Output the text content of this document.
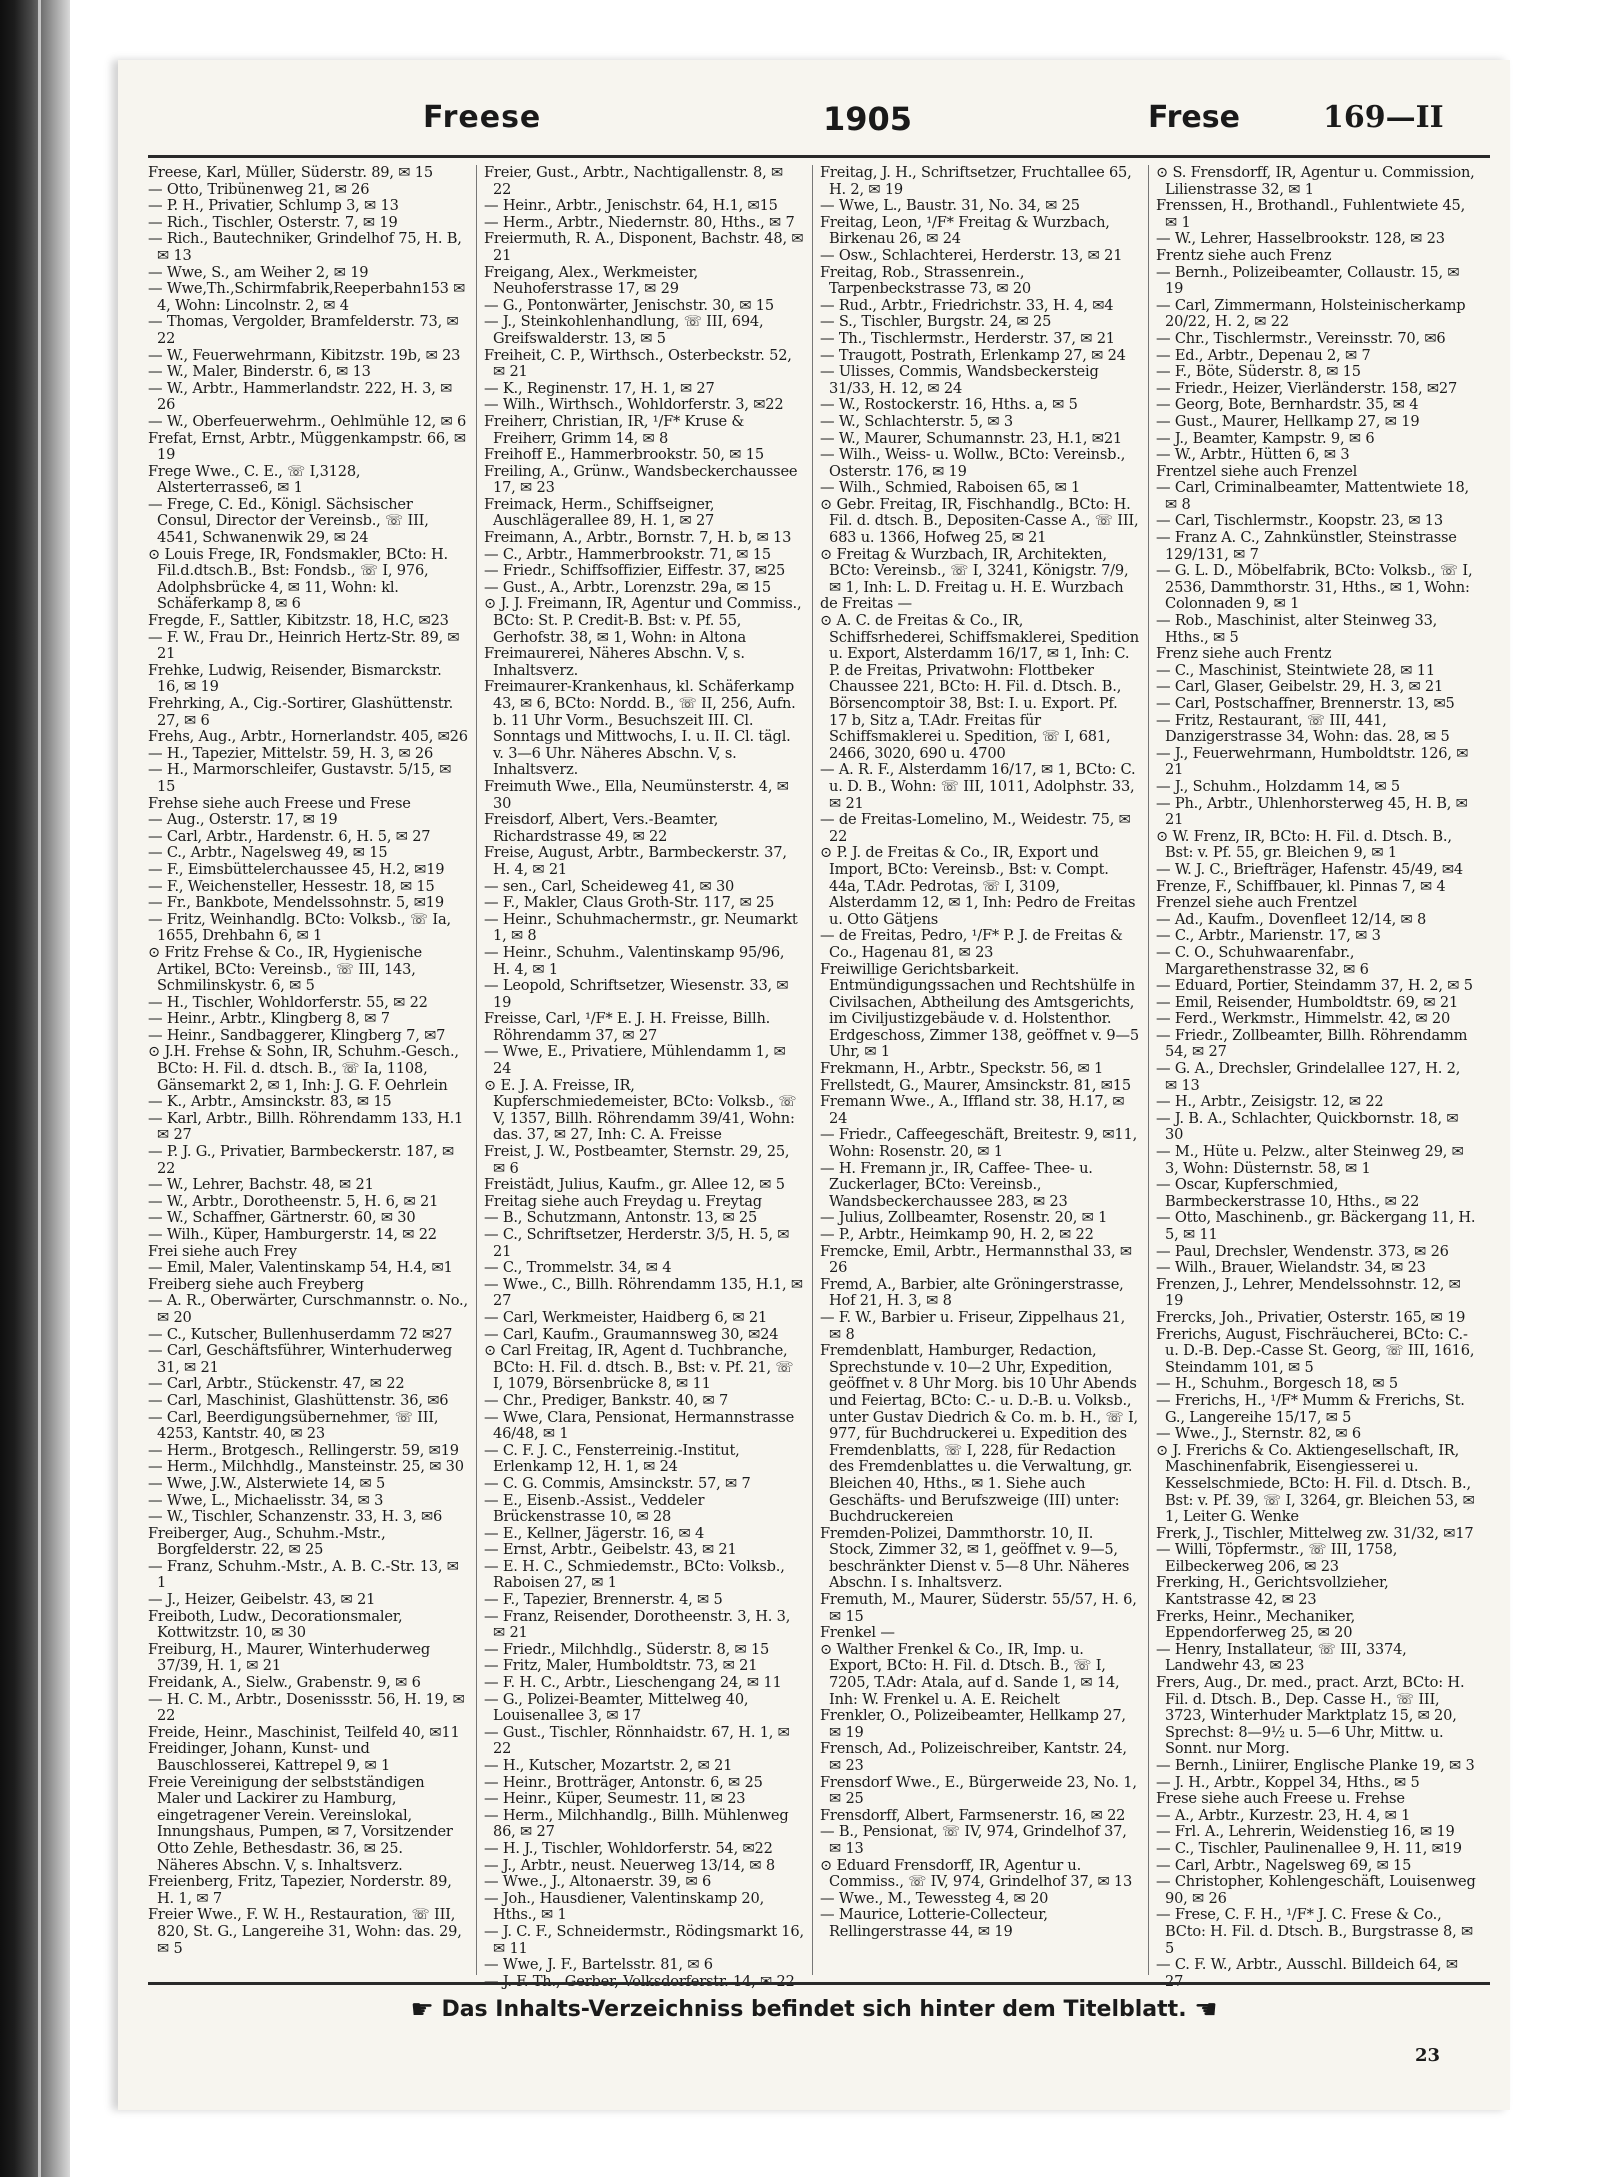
Freese	1905	Frese	169—II
Freese, Karl, Müller, Süderstr. 89, ✉ 15
— Otto, Tribünenweg 21, ✉ 26
— P. H., Privatier, Schlump 3, ✉ 13
— Rich., Tischler, Osterstr. 7, ✉ 19
— Rich., Bautechniker, Grindelhof 75, H. B, ✉ 13
— Wwe, S., am Weiher 2, ✉ 19
— Wwe,Th.,Schirmfabrik,Reeperbahn153 ✉ 4, Wohn: Lincolnstr. 2, ✉ 4
— Thomas, Vergolder, Bramfelderstr. 73, ✉ 22
— W., Feuerwehrmann, Kibitzstr. 19b, ✉ 23
— W., Maler, Binderstr. 6, ✉ 13
— W., Arbtr., Hammerlandstr. 222, H. 3, ✉ 26
— W., Oberfeuerwehrm., Oehlmühle 12, ✉ 6
Frefat, Ernst, Arbtr., Müggenkampstr. 66, ✉ 19
Frege Wwe., C. E., ☏ I,3128, Alsterterrasse6, ✉ 1
— Frege, C. Ed., Königl. Sächsischer Consul, Director der Vereinsb., ☏ III, 4541, Schwanenwik 29, ✉ 24
⊙ Louis Frege, IR, Fondsmakler, BCto: H. Fil.d.dtsch.B., Bst: Fondsb., ☏ I, 976, Adolphsbrücke 4, ✉ 11, Wohn: kl. Schäferkamp 8, ✉ 6
Fregde, F., Sattler, Kibitzstr. 18, H.C, ✉23
— F. W., Frau Dr., Heinrich Hertz-Str. 89, ✉ 21
Frehke, Ludwig, Reisender, Bismarckstr. 16, ✉ 19
Frehrking, A., Cig.-Sortirer, Glashüttenstr. 27, ✉ 6
Frehs, Aug., Arbtr., Hornerlandstr. 405, ✉26
— H., Tapezier, Mittelstr. 59, H. 3, ✉ 26
— H., Marmorschleifer, Gustavstr. 5/15, ✉ 15
Frehse siehe auch Freese und Frese
— Aug., Osterstr. 17, ✉ 19
— Carl, Arbtr., Hardenstr. 6, H. 5, ✉ 27
— C., Arbtr., Nagelsweg 49, ✉ 15
— F., Eimsbüttelerchaussee 45, H.2, ✉19
— F., Weichensteller, Hessestr. 18, ✉ 15
— Fr., Bankbote, Mendelssohnstr. 5, ✉19
— Fritz, Weinhandlg. BCto: Volksb., ☏ Ia, 1655, Drehbahn 6, ✉ 1
⊙ Fritz Frehse & Co., IR, Hygienische Artikel, BCto: Vereinsb., ☏ III, 143, Schmilinskystr. 6, ✉ 5
— H., Tischler, Wohldorferstr. 55, ✉ 22
— Heinr., Arbtr., Klingberg 8, ✉ 7
— Heinr., Sandbaggerer, Klingberg 7, ✉7
⊙ J.H. Frehse & Sohn, IR, Schuhm.-Gesch., BCto: H. Fil. d. dtsch. B., ☏ Ia, 1108, Gänsemarkt 2, ✉ 1, Inh: J. G. F. Oehrlein
— K., Arbtr., Amsinckstr. 83, ✉ 15
— Karl, Arbtr., Billh. Röhrendamm 133, H.1 ✉ 27
— P. J. G., Privatier, Barmbeckerstr. 187, ✉ 22
— W., Lehrer, Bachstr. 48, ✉ 21
— W., Arbtr., Dorotheenstr. 5, H. 6, ✉ 21
— W., Schaffner, Gärtnerstr. 60, ✉ 30
— Wilh., Küper, Hamburgerstr. 14, ✉ 22
Frei siehe auch Frey
— Emil, Maler, Valentinskamp 54, H.4, ✉1
Freiberg siehe auch Freyberg
— A. R., Oberwärter, Curschmannstr. o. No., ✉ 20
— C., Kutscher, Bullenhuserdamm 72 ✉27
— Carl, Geschäftsführer, Winterhuderweg 31, ✉ 21
— Carl, Arbtr., Stückenstr. 47, ✉ 22
— Carl, Maschinist, Glashüttenstr. 36, ✉6
— Carl, Beerdigungsübernehmer, ☏ III, 4253, Kantstr. 40, ✉ 23
— Herm., Brotgesch., Rellingerstr. 59, ✉19
— Herm., Milchhdlg., Mansteinstr. 25, ✉ 30
— Wwe, J.W., Alsterwiete 14, ✉ 5
— Wwe, L., Michaelisstr. 34, ✉ 3
— W., Tischler, Schanzenstr. 33, H. 3, ✉6
Freiberger, Aug., Schuhm.-Mstr., Borgfelderstr. 22, ✉ 25
— Franz, Schuhm.-Mstr., A. B. C.-Str. 13, ✉ 1
— J., Heizer, Geibelstr. 43, ✉ 21
Freiboth, Ludw., Decorationsmaler, Kottwitzstr. 10, ✉ 30
Freiburg, H., Maurer, Winterhuderweg 37/39, H. 1, ✉ 21
Freidank, A., Sielw., Grabenstr. 9, ✉ 6
— H. C. M., Arbtr., Dosenissstr. 56, H. 19, ✉ 22
Freide, Heinr., Maschinist, Teilfeld 40, ✉11
Freidinger, Johann, Kunst- und Bauschlosserei, Kattrepel 9, ✉ 1
Freie Vereinigung der selbstständigen Maler und Lackirer zu Hamburg, eingetragener Verein. Vereinslokal, Innungshaus, Pumpen, ✉ 7, Vorsitzender Otto Zehle, Bethesdastr. 36, ✉ 25. Näheres Abschn. V, s. Inhaltsverz.
Freienberg, Fritz, Tapezier, Norderstr. 89, H. 1, ✉ 7
Freier Wwe., F. W. H., Restauration, ☏ III, 820, St. G., Langereihe 31, Wohn: das. 29, ✉ 5
Freier, Gust., Arbtr., Nachtigallenstr. 8, ✉ 22
— Heinr., Arbtr., Jenischstr. 64, H.1, ✉15
— Herm., Arbtr., Niedernstr. 80, Hths., ✉ 7
Freiermuth, R. A., Disponent, Bachstr. 48, ✉ 21
Freigang, Alex., Werkmeister, Neuhoferstrasse 17, ✉ 29
— G., Pontonwärter, Jenischstr. 30, ✉ 15
— J., Steinkohlenhandlung, ☏ III, 694, Greifswalderstr. 13, ✉ 5
Freiheit, C. P., Wirthsch., Osterbeckstr. 52, ✉ 21
— K., Reginenstr. 17, H. 1, ✉ 27
— Wilh., Wirthsch., Wohldorferstr. 3, ✉22
Freiherr, Christian, IR, ¹/F* Kruse & Freiherr, Grimm 14, ✉ 8
Freihoff E., Hammerbrookstr. 50, ✉ 15
Freiling, A., Grünw., Wandsbeckerchaussee 17, ✉ 23
Freimack, Herm., Schiffseigner, Auschlägerallee 89, H. 1, ✉ 27
Freimann, A., Arbtr., Bornstr. 7, H. b, ✉ 13
— C., Arbtr., Hammerbrookstr. 71, ✉ 15
— Friedr., Schiffsoffizier, Eiffestr. 37, ✉25
— Gust., A., Arbtr., Lorenzstr. 29a, ✉ 15
⊙ J. J. Freimann, IR, Agentur und Commiss., BCto: St. P. Credit-B. Bst: v. Pf. 55, Gerhofstr. 38, ✉ 1, Wohn: in Altona
Freimaurerei, Näheres Abschn. V, s. Inhaltsverz.
Freimaurer-Krankenhaus, kl. Schäferkamp 43, ✉ 6, BCto: Nordd. B., ☏ II, 256, Aufn. b. 11 Uhr Vorm., Besuchszeit III. Cl. Sonntags und Mittwochs, I. u. II. Cl. tägl. v. 3—6 Uhr. Näheres Abschn. V, s. Inhaltsverz.
Freimuth Wwe., Ella, Neumünsterstr. 4, ✉30
Freisdorf, Albert, Vers.-Beamter, Richardstrasse 49, ✉ 22
Freise, August, Arbtr., Barmbeckerstr. 37, H. 4, ✉ 21
— sen., Carl, Scheideweg 41, ✉ 30
— F., Makler, Claus Groth-Str. 117, ✉ 25
— Heinr., Schuhmachermstr., gr. Neumarkt 1, ✉ 8
— Heinr., Schuhm., Valentinskamp 95/96, H. 4, ✉ 1
— Leopold, Schriftsetzer, Wiesenstr. 33, ✉ 19
Freisse, Carl, ¹/F* E. J. H. Freisse, Billh. Röhrendamm 37, ✉ 27
— Wwe, E., Privatiere, Mühlendamm 1, ✉ 24
⊙ E. J. A. Freisse, IR, Kupferschmiedemeister, BCto: Volksb., ☏ V, 1357, Billh. Röhrendamm 39/41, Wohn: das. 37, ✉ 27, Inh: C. A. Freisse
Freist, J. W., Postbeamter, Sternstr. 29, 25, ✉ 6
Freistädt, Julius, Kaufm., gr. Allee 12, ✉ 5
Freitag siehe auch Freydag u. Freytag
— B., Schutzmann, Antonstr. 13, ✉ 25
— C., Schriftsetzer, Herderstr. 3/5, H. 5, ✉ 21
— C., Trommelstr. 34, ✉ 4
— Wwe., C., Billh. Röhrendamm 135, H.1, ✉ 27
— Carl, Werkmeister, Haidberg 6, ✉ 21
— Carl, Kaufm., Graumannsweg 30, ✉24
⊙ Carl Freitag, IR, Agent d. Tuchbranche, BCto: H. Fil. d. dtsch. B., Bst: v. Pf. 21, ☏ I, 1079, Börsenbrücke 8, ✉ 11
— Chr., Prediger, Bankstr. 40, ✉ 7
— Wwe, Clara, Pensionat, Hermannstrasse 46/48, ✉ 1
— C. F. J. C., Fensterreinig.-Institut, Erlenkamp 12, H. 1, ✉ 24
— C. G. Commis, Amsinckstr. 57, ✉ 7
— E., Eisenb.-Assist., Veddeler Brückenstrasse 10, ✉ 28
— E., Kellner, Jägerstr. 16, ✉ 4
— Ernst, Arbtr., Geibelstr. 43, ✉ 21
— E. H. C., Schmiedemstr., BCto: Volksb., Raboisen 27, ✉ 1
— F., Tapezier, Brennerstr. 4, ✉ 5
— Franz, Reisender, Dorotheenstr. 3, H. 3, ✉ 21
— Friedr., Milchhdlg., Süderstr. 8, ✉ 15
— Fritz, Maler, Humboldtstr. 73, ✉ 21
— F. H. C., Arbtr., Lieschengang 24, ✉ 11
— G., Polizei-Beamter, Mittelweg 40, Louisenallee 3, ✉ 17
— Gust., Tischler, Rönnhaidstr. 67, H. 1, ✉ 22
— H., Kutscher, Mozartstr. 2, ✉ 21
— Heinr., Brotträger, Antonstr. 6, ✉ 25
— Heinr., Küper, Seumestr. 11, ✉ 23
— Herm., Milchhandlg., Billh. Mühlenweg 86, ✉ 27
— H. J., Tischler, Wohldorferstr. 54, ✉22
— J., Arbtr., neust. Neuerweg 13/14, ✉ 8
— Wwe., J., Altonaerstr. 39, ✉ 6
— Joh., Hausdiener, Valentinskamp 20, Hths., ✉ 1
— J. C. F., Schneidermstr., Rödingsmarkt 16, ✉ 11
— Wwe, J. F., Bartelsstr. 81, ✉ 6
Freitag, J. H., Schriftsetzer, Fruchtallee 65, H. 2, ✉ 19
— Wwe, L., Baustr. 31, No. 34, ✉ 25
Freitag, Leon, ¹/F* Freitag & Wurzbach, Birkenau 26, ✉ 24
— Osw., Schlachterei, Herderstr. 13, ✉ 21
Freitag, Rob., Strassenrein., Tarpenbeckstrasse 73, ✉ 20
— Rud., Arbtr., Friedrichstr. 33, H. 4, ✉4
— S., Tischler, Burgstr. 24, ✉ 25
— Th., Tischlermstr., Herderstr. 37, ✉ 21
— Traugott, Postrath, Erlenkamp 27, ✉ 24
— Ulisses, Commis, Wandsbeckersteig 31/33, H. 12, ✉ 24
— W., Rostockerstr. 16, Hths. a, ✉ 5
— W., Schlachterstr. 5, ✉ 3
— W., Maurer, Schumannstr. 23, H.1, ✉21
— Wilh., Weiss- u. Wollw., BCto: Vereinsb., Osterstr. 176, ✉ 19
— Wilh., Schmied, Raboisen 65, ✉ 1
⊙ Gebr. Freitag, IR, Fischhandlg., BCto: H. Fil. d. dtsch. B., Depositen-Casse A., ☏ III, 683 u. 1366, Hofweg 25, ✉ 21
⊙ Freitag & Wurzbach, IR, Architekten, BCto: Vereinsb., ☏ I, 3241, Königstr. 7/9, ✉ 1, Inh: L. D. Freitag u. H. E. Wurzbach
de Freitas —
⊙ A. C. de Freitas & Co., IR, Schiffsrhederei, Schiffsmaklerei, Spedition u. Export, Alsterdamm 16/17, ✉ 1, Inh: C. P. de Freitas, Privatwohn: Flottbeker Chaussee 221, BCto: H. Fil. d. Dtsch. B., Börsencomptoir 38, Bst: I. u. Export. Pf. 17 b, Sitz a, T.Adr. Freitas für Schiffsmaklerei u. Spedition, ☏ I, 681, 2466, 3020, 690 u. 4700
— A. R. F., Alsterdamm 16/17, ✉ 1, BCto: C. u. D. B., Wohn: ☏ III, 1011, Adolphstr. 33, ✉ 21
— de Freitas-Lomelino, M., Weidestr. 75, ✉ 22
⊙ P. J. de Freitas & Co., IR, Export und Import, BCto: Vereinsb., Bst: v. Compt. 44a, T.Adr. Pedrotas, ☏ I, 3109, Alsterdamm 12, ✉ 1, Inh: Pedro de Freitas u. Otto Gätjens
— de Freitas, Pedro, ¹/F* P. J. de Freitas & Co., Hagenau 81, ✉ 23
Freiwillige Gerichtsbarkeit. Entmündigungssachen und Rechtshülfe in Civilsachen, Abtheilung des Amtsgerichts, im Civiljustizgebäude v. d. Holstenthor. Erdgeschoss, Zimmer 138, geöffnet v. 9—5 Uhr, ✉ 1
Frekmann, H., Arbtr., Speckstr. 56, ✉ 1
Frellstedt, G., Maurer, Amsinckstr. 81, ✉15
Fremann Wwe., A., Iffland str. 38, H.17, ✉24
— Friedr., Caffeegeschäft, Breitestr. 9, ✉11, Wohn: Rosenstr. 20, ✉ 1
— H. Fremann jr., IR, Caffee- Thee- u. Zuckerlager, BCto: Vereinsb., Wandsbeckerchaussee 283, ✉ 23
— Julius, Zollbeamter, Rosenstr. 20, ✉ 1
— P., Arbtr., Heimkamp 90, H. 2, ✉ 22
Fremcke, Emil, Arbtr., Hermannsthal 33, ✉ 26
Fremd, A., Barbier, alte Gröningerstrasse, Hof 21, H. 3, ✉ 8
— F. W., Barbier u. Friseur, Zippelhaus 21, ✉ 8
Fremdenblatt, Hamburger, Redaction, Sprechstunde v. 10—2 Uhr, Expedition, geöffnet v. 8 Uhr Morg. bis 10 Uhr Abends und Feiertag, BCto: C.- u. D.-B. u. Volksb., unter Gustav Diedrich & Co. m. b. H., ☏ I, 977, für Buchdruckerei u. Expedition des Fremdenblatts, ☏ I, 228, für Redaction des Fremdenblattes u. die Verwaltung, gr. Bleichen 40, Hths., ✉ 1. Siehe auch Geschäfts- und Berufszweige (III) unter: Buchdruckereien
Fremden-Polizei, Dammthorstr. 10, II. Stock, Zimmer 32, ✉ 1, geöffnet v. 9—5, beschränkter Dienst v. 5—8 Uhr. Näheres Abschn. I s. Inhaltsverz.
Fremuth, M., Maurer, Süderstr. 55/57, H. 6, ✉ 15
Frenkel —
⊙ Walther Frenkel & Co., IR, Imp. u. Export, BCto: H. Fil. d. Dtsch. B., ☏ I, 7205, T.Adr: Atala, auf d. Sande 1, ✉ 14, Inh: W. Frenkel u. A. E. Reichelt
Frenkler, O., Polizeibeamter, Hellkamp 27, ✉ 19
Frensch, Ad., Polizeischreiber, Kantstr. 24, ✉ 23
Frensdorf Wwe., E., Bürgerweide 23, No. 1, ✉ 25
Frensdorff, Albert, Farmsenerstr. 16, ✉ 22
— B., Pensionat, ☏ IV, 974, Grindelhof 37, ✉ 13
⊙ Eduard Frensdorff, IR, Agentur u. Commiss., ☏ IV, 974, Grindelhof 37, ✉ 13
— Wwe., M., Tewessteg 4, ✉ 20
— Maurice, Lotterie-Collecteur, Rellingerstrasse 44, ✉ 19
⊙ S. Frensdorff, IR, Agentur u. Commission, Lilienstrasse 32, ✉ 1
Frenssen, H., Brothandl., Fuhlentwiete 45, ✉ 1
— W., Lehrer, Hasselbrookstr. 128, ✉ 23
Frentz siehe auch Frenz
— Bernh., Polizeibeamter, Collaustr. 15, ✉ 19
— Carl, Zimmermann, Holsteinischerkamp 20/22, H. 2, ✉ 22
— Chr., Tischlermstr., Vereinsstr. 70, ✉6
— Ed., Arbtr., Depenau 2, ✉ 7
— F., Böte, Süderstr. 8, ✉ 15
— Friedr., Heizer, Vierländerstr. 158, ✉27
— Georg, Bote, Bernhardstr. 35, ✉ 4
— Gust., Maurer, Hellkamp 27, ✉ 19
— J., Beamter, Kampstr. 9, ✉ 6
— W., Arbtr., Hütten 6, ✉ 3
Frentzel siehe auch Frenzel
— Carl, Criminalbeamter, Mattentwiete 18, ✉ 8
— Carl, Tischlermstr., Koopstr. 23, ✉ 13
— Franz A. C., Zahnkünstler, Steinstrasse 129/131, ✉ 7
— G. L. D., Möbelfabrik, BCto: Volksb., ☏ I, 2536, Dammthorstr. 31, Hths., ✉ 1, Wohn: Colonnaden 9, ✉ 1
— Rob., Maschinist, alter Steinweg 33, Hths., ✉ 5
Frenz siehe auch Frentz
— C., Maschinist, Steintwiete 28, ✉ 11
— Carl, Glaser, Geibelstr. 29, H. 3, ✉ 21
— Carl, Postschaffner, Brennerstr. 13, ✉5
— Fritz, Restaurant, ☏ III, 441, Danzigerstrasse 34, Wohn: das. 28, ✉ 5
— J., Feuerwehrmann, Humboldtstr. 126, ✉ 21
— J., Schuhm., Holzdamm 14, ✉ 5
— Ph., Arbtr., Uhlenhorsterweg 45, H. B, ✉ 21
⊙ W. Frenz, IR, BCto: H. Fil. d. Dtsch. B., Bst: v. Pf. 55, gr. Bleichen 9, ✉ 1
— W. J. C., Briefträger, Hafenstr. 45/49, ✉4
Frenze, F., Schiffbauer, kl. Pinnas 7, ✉ 4
Frenzel siehe auch Frentzel
— Ad., Kaufm., Dovenfleet 12/14, ✉ 8
— C., Arbtr., Marienstr. 17, ✉ 3
— C. O., Schuhwaarenfabr., Margarethenstrasse 32, ✉ 6
— Eduard, Portier, Steindamm 37, H. 2, ✉ 5
— Emil, Reisender, Humboldtstr. 69, ✉ 21
— Ferd., Werkmstr., Himmelstr. 42, ✉ 20
— Friedr., Zollbeamter, Billh. Röhrendamm 54, ✉ 27
— G. A., Drechsler, Grindelallee 127, H. 2, ✉ 13
— H., Arbtr., Zeisigstr. 12, ✉ 22
— J. B. A., Schlachter, Quickbornstr. 18, ✉ 30
— M., Hüte u. Pelzw., alter Steinweg 29, ✉ 3, Wohn: Düsternstr. 58, ✉ 1
— Oscar, Kupferschmied, Barmbeckerstrasse 10, Hths., ✉ 22
— Otto, Maschinenb., gr. Bäckergang 11, H. 5, ✉ 11
— Paul, Drechsler, Wendenstr. 373, ✉ 26
— Wilh., Brauer, Wielandstr. 34, ✉ 23
Frenzen, J., Lehrer, Mendelssohnstr. 12, ✉ 19
Frercks, Joh., Privatier, Osterstr. 165, ✉ 19
Frerichs, August, Fischräucherei, BCto: C.- u. D.-B. Dep.-Casse St. Georg, ☏ III, 1616, Steindamm 101, ✉ 5
— H., Schuhm., Borgesch 18, ✉ 5
— Frerichs, H., ¹/F* Mumm & Frerichs, St. G., Langereihe 15/17, ✉ 5
— Wwe., J., Sternstr. 82, ✉ 6
⊙ J. Frerichs & Co. Aktiengesellschaft, IR, Maschinenfabrik, Eisengiesserei u. Kesselschmiede, BCto: H. Fil. d. Dtsch. B., Bst: v. Pf. 39, ☏ I, 3264, gr. Bleichen 53, ✉ 1, Leiter G. Wenke
Frerk, J., Tischler, Mittelweg zw. 31/32, ✉17
— Willi, Töpfermstr., ☏ III, 1758, Eilbeckerweg 206, ✉ 23
Frerking, H., Gerichtsvollzieher, Kantstrasse 42, ✉ 23
Frerks, Heinr., Mechaniker, Eppendorferweg 25, ✉ 20
— Henry, Installateur, ☏ III, 3374, Landwehr 43, ✉ 23
Frers, Aug., Dr. med., pract. Arzt, BCto: H. Fil. d. Dtsch. B., Dep. Casse H., ☏ III, 3723, Winterhuder Marktplatz 15, ✉ 20, Sprechst: 8—9½ u. 5—6 Uhr, Mittw. u. Sonnt. nur Morg.
— Bernh., Liniirer, Englische Planke 19, ✉ 3
— J. H., Arbtr., Koppel 34, Hths., ✉ 5
Frese siehe auch Freese u. Frehse
— A., Arbtr., Kurzestr. 23, H. 4, ✉ 1
— Frl. A., Lehrerin, Weidenstieg 16, ✉ 19
— C., Tischler, Paulinenallee 9, H. 11, ✉19
— Carl, Arbtr., Nagelsweg 69, ✉ 15
— Christopher, Kohlengeschäft, Louisenweg 90, ✉ 26
— Frese, C. F. H., ¹/F* J. C. Frese & Co., BCto: H. Fil. d. Dtsch. B., Burgstrasse 8, ✉ 5
— C. F. W., Arbtr., Ausschl. Billdeich 64, ✉
☛ Das Inhalts-Verzeichniss befindet sich hinter dem Titelblatt. ☚
23
